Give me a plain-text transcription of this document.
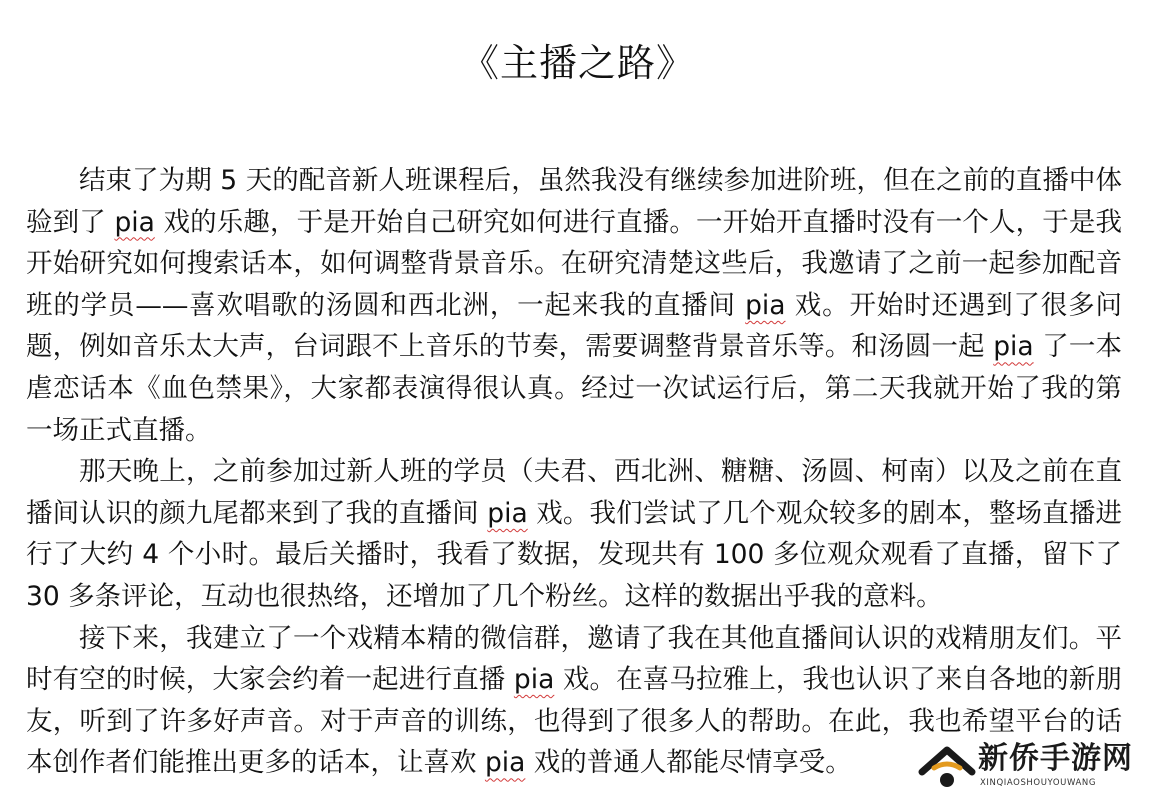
《主播之路》

结束了为期 5 天的配音新人班课程后，虽然我没有继续参加进阶班，但在之前的直播中体验到了 pia 戏的乐趣，于是开始自己研究如何进行直播。一开始开直播时没有一个人，于是我开始研究如何搜索话本，如何调整背景音乐。在研究清楚这些后，我邀请了之前一起参加配音班的学员——喜欢唱歌的汤圆和西北洲，一起来我的直播间 pia 戏。开始时还遇到了很多问题，例如音乐太大声，台词跟不上音乐的节奏，需要调整背景音乐等。和汤圆一起 pia 了一本虐恋话本《血色禁果》，大家都表演得很认真。经过一次试运行后，第二天我就开始了我的第一场正式直播。

那天晚上，之前参加过新人班的学员（夫君、西北洲、糖糖、汤圆、柯南）以及之前在直播间认识的颜九尾都来到了我的直播间 pia 戏。我们尝试了几个观众较多的剧本，整场直播进行了大约 4 个小时。最后关播时，我看了数据，发现共有 100 多位观众观看了直播，留下了 30 多条评论，互动也很热络，还增加了几个粉丝。这样的数据出乎我的意料。

接下来，我建立了一个戏精本精的微信群，邀请了我在其他直播间认识的戏精朋友们。平时有空的时候，大家会约着一起进行直播 pia 戏。在喜马拉雅上，我也认识了来自各地的新朋友，听到了许多好声音。对于声音的训练，也得到了很多人的帮助。在此，我也希望平台的话本创作者们能推出更多的话本，让喜欢 pia 戏的普通人都能尽情享受。	新侨手游网
XINQIAOSHOUYOUWANG
